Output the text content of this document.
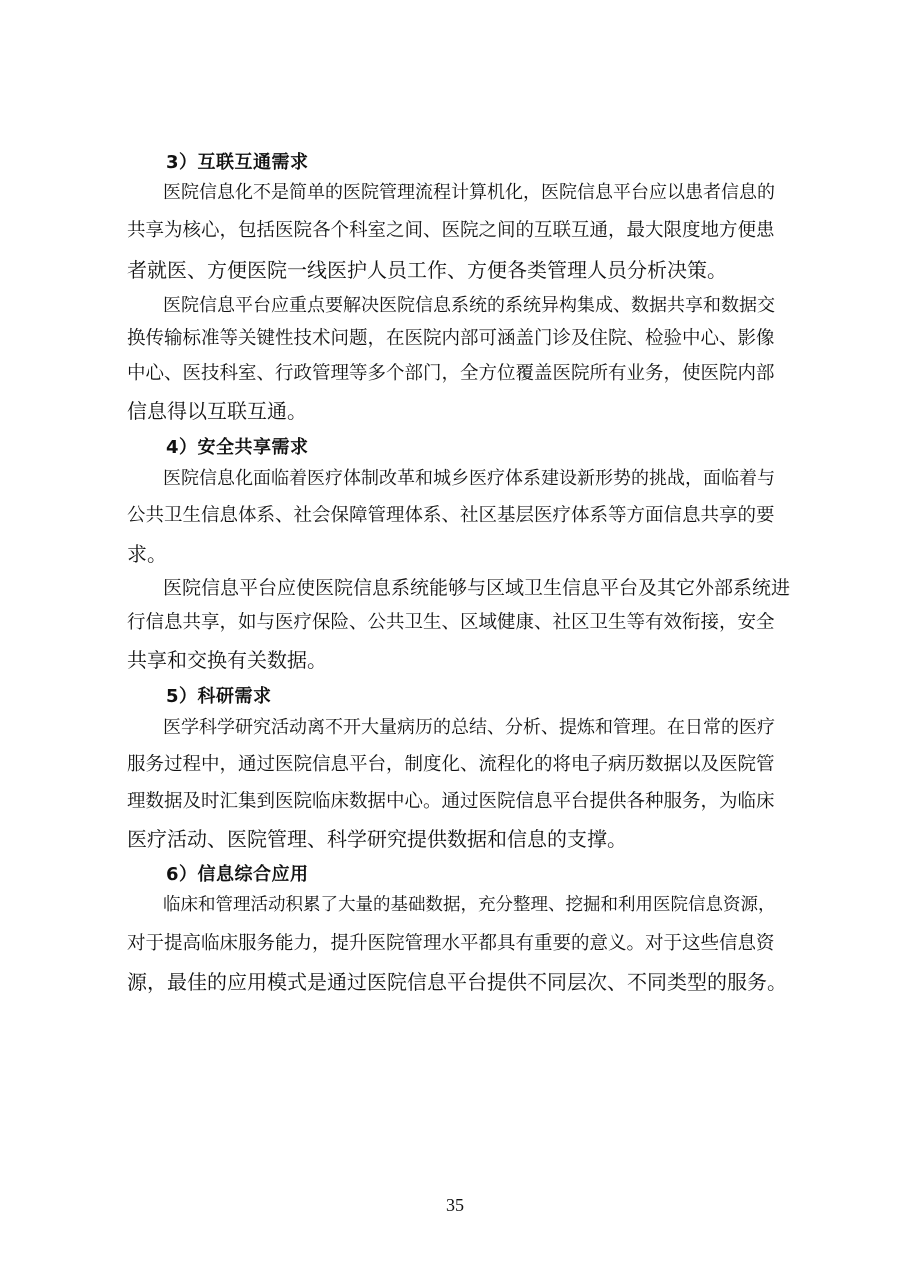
3）互联互通需求
医院信息化不是简单的医院管理流程计算机化，医院信息平台应以患者信息的
共享为核心，包括医院各个科室之间、医院之间的互联互通，最大限度地方便患
者就医、方便医院一线医护人员工作、方便各类管理人员分析决策。
医院信息平台应重点要解决医院信息系统的系统异构集成、数据共享和数据交
换传输标准等关键性技术问题，在医院内部可涵盖门诊及住院、检验中心、影像
中心、医技科室、行政管理等多个部门，全方位覆盖医院所有业务，使医院内部
信息得以互联互通。
4）安全共享需求
医院信息化面临着医疗体制改革和城乡医疗体系建设新形势的挑战，面临着与
公共卫生信息体系、社会保障管理体系、社区基层医疗体系等方面信息共享的要
求。
医院信息平台应使医院信息系统能够与区域卫生信息平台及其它外部系统进
行信息共享，如与医疗保险、公共卫生、区域健康、社区卫生等有效衔接，安全
共享和交换有关数据。
5）科研需求
医学科学研究活动离不开大量病历的总结、分析、提炼和管理。在日常的医疗
服务过程中，通过医院信息平台，制度化、流程化的将电子病历数据以及医院管
理数据及时汇集到医院临床数据中心。通过医院信息平台提供各种服务，为临床
医疗活动、医院管理、科学研究提供数据和信息的支撑。
6）信息综合应用
临床和管理活动积累了大量的基础数据，充分整理、挖掘和利用医院信息资源，
对于提高临床服务能力，提升医院管理水平都具有重要的意义。对于这些信息资
源，最佳的应用模式是通过医院信息平台提供不同层次、不同类型的服务。
35
